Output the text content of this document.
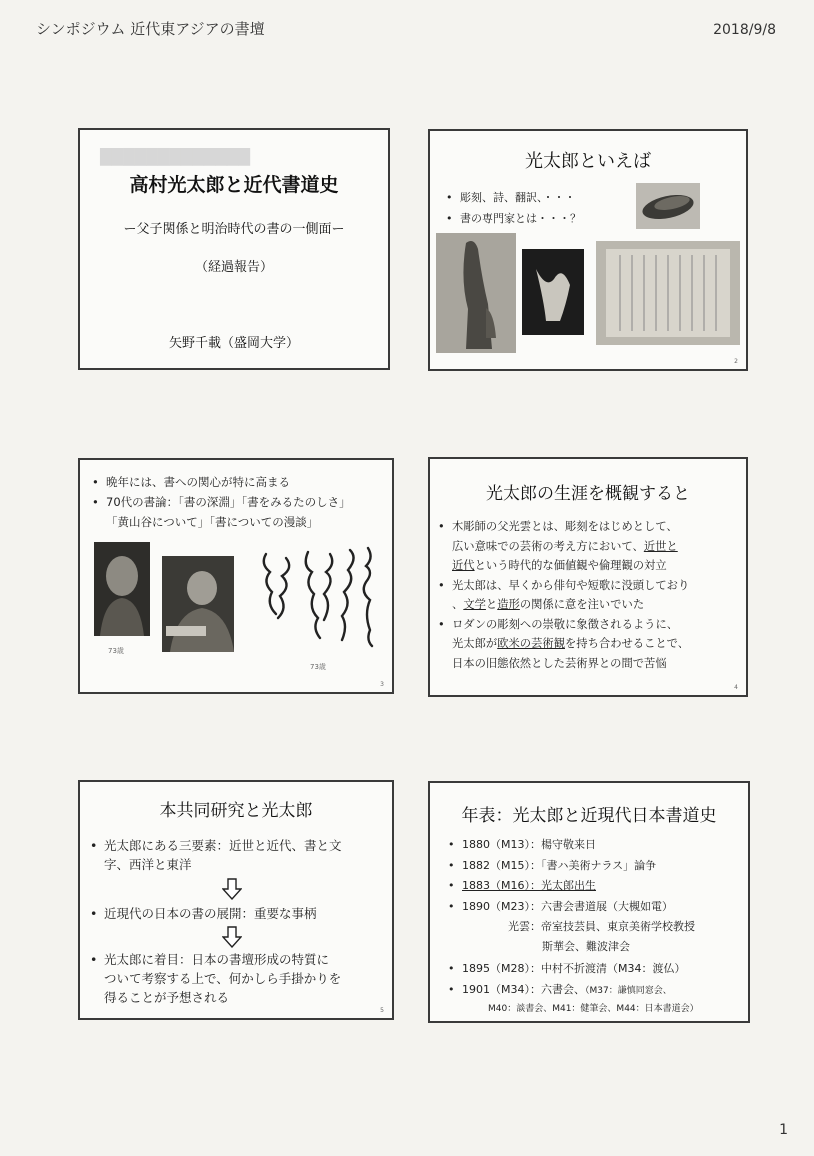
シンポジウム 近代東アジアの書壇	2018/9/8
█████████████
高村光太郎と近代書道史
ー父子関係と明治時代の書の一側面ー
（経過報告）
矢野千載（盛岡大学）
光太郎といえば
• 彫刻、詩、翻訳、・・・
• 書の専門家とは・・・？
2
• 晩年には、書への関心が特に高まる
• 70代の書論：「書の深淵」「書をみるたのしさ」
「黄山谷について」「書についての漫談」
73歳
73歳
3
光太郎の生涯を概観すると
• 木彫師の父光雲とは、彫刻をはじめとして、
広い意味での芸術の考え方において、近世と
近代という時代的な価値観や倫理観の対立
• 光太郎は、早くから俳句や短歌に没頭しており
、文学と造形の関係に意を注いでいた
• ロダンの彫刻への崇敬に象徴されるように、
光太郎が欧米の芸術観を持ち合わせることで、
日本の旧態依然とした芸術界との間で苦悩
4
本共同研究と光太郎
• 光太郎にある三要素：近世と近代、書と文
字、西洋と東洋
• 近現代の日本の書の展開：重要な事柄
• 光太郎に着目：日本の書壇形成の特質に
ついて考察する上で、何かしら手掛かりを
得ることが予想される
5
年表：光太郎と近現代日本書道史
• 1880（M13）：楊守敬来日
• 1882（M15）：「書ハ美術ナラス」論争
• 1883（M16）：光太郎出生
• 1890（M23）：六書会書道展（大槻如電）
光雲：帝室技芸員、東京美術学校教授
斯華会、難波津会
• 1895（M28）：中村不折渡清（M34：渡仏）
• 1901（M34）：六書会、（M37：謙慎同窓会、
M40：談書会、M41：健筆会、M44：日本書道会）
1
